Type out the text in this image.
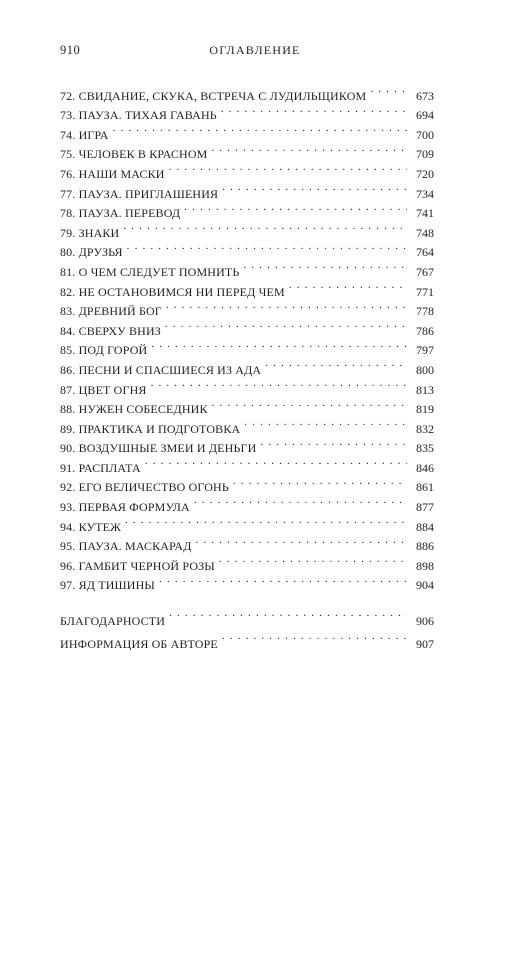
910	ОГЛАВЛЕНИЕ
72. СВИДАНИЕ, СКУКА, ВСТРЕЧА С ЛУДИЛЬЩИКОМ . . .	673
73. ПАУЗА. ТИХАЯ ГАВАНЬ . . .	694
74. ИГРА . . .	700
75. ЧЕЛОВЕК В КРАСНОМ . . .	709
76. НАШИ МАСКИ . . .	720
77. ПАУЗА. ПРИГЛАШЕНИЯ . . .	734
78. ПАУЗА. ПЕРЕВОД . . .	741
79. ЗНАКИ . . .	748
80. ДРУЗЬЯ . . .	764
81. О ЧЕМ СЛЕДУЕТ ПОМНИТЬ . . .	767
82. НЕ ОСТАНОВИМСЯ НИ ПЕРЕД ЧЕМ . . .	771
83. ДРЕВНИЙ БОГ . . .	778
84. СВЕРХУ ВНИЗ . . .	786
85. ПОД ГОРОЙ . . .	797
86. ПЕСНИ И СПАСШИЕСЯ ИЗ АДА . . .	800
87. ЦВЕТ ОГНЯ . . .	813
88. НУЖЕН СОБЕСЕДНИК . . .	819
89. ПРАКТИКА И ПОДГОТОВКА . . .	832
90. ВОЗДУШНЫЕ ЗМЕИ И ДЕНЬГИ . . .	835
91. РАСПЛАТА . . .	846
92. ЕГО ВЕЛИЧЕСТВО ОГОНЬ . . .	861
93. ПЕРВАЯ ФОРМУЛА . . .	877
94. КУТЕЖ . . .	884
95. ПАУЗА. МАСКАРАД . . .	886
96. ГАМБИТ ЧЕРНОЙ РОЗЫ . . .	898
97. ЯД ТИШИНЫ . . .	904
БЛАГОДАРНОСТИ . . .	906
ИНФОРМАЦИЯ ОБ АВТОРЕ . . .	907
